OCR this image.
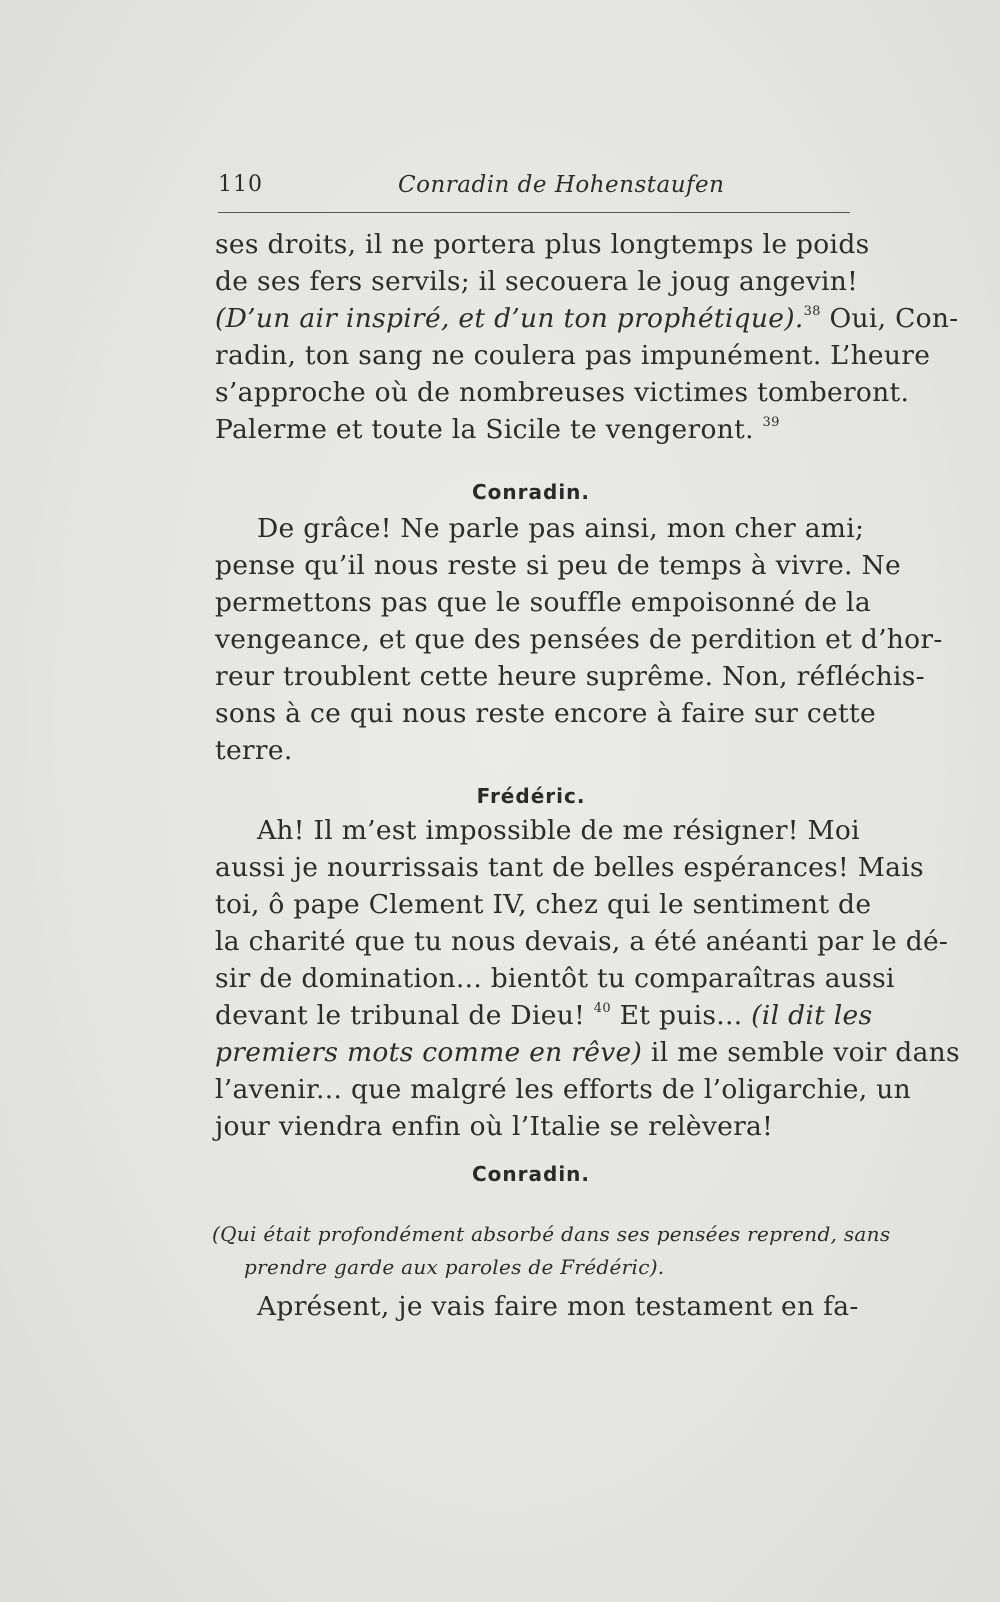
110	Conradin de Hohenstaufen
ses droits, il ne portera plus longtemps le poids
de ses fers servils; il secouera le joug angevin!
(D’un air inspiré, et d’un ton prophétique).$^{38}$ Oui, Con-
radin, ton sang ne coulera pas impunément. L’heure
s’approche où de nombreuses victimes tomberont.
Palerme et toute la Sicile te vengeront. $^{39}$
Conradin.
De grâce! Ne parle pas ainsi, mon cher ami;
pense qu’il nous reste si peu de temps à vivre. Ne
permettons pas que le souffle empoisonné de la
vengeance, et que des pensées de perdition et d’hor-
reur troublent cette heure suprême. Non, réfléchis-
sons à ce qui nous reste encore à faire sur cette
terre.
Frédéric.
Ah! Il m’est impossible de me résigner! Moi
aussi je nourrissais tant de belles espérances! Mais
toi, ô pape Clement IV, chez qui le sentiment de
la charité que tu nous devais, a été anéanti par le dé-
sir de domination... bientôt tu comparaîtras aussi
devant le tribunal de Dieu! $^{40}$ Et puis... (il dit les
premiers mots comme en rêve) il me semble voir dans
l’avenir... que malgré les efforts de l’oligarchie, un
jour viendra enfin où l’Italie se relèvera!
Conradin.
(Qui était profondément absorbé dans ses pensées reprend, sans
prendre garde aux paroles de Frédéric).
Aprésent, je vais faire mon testament en fa-
